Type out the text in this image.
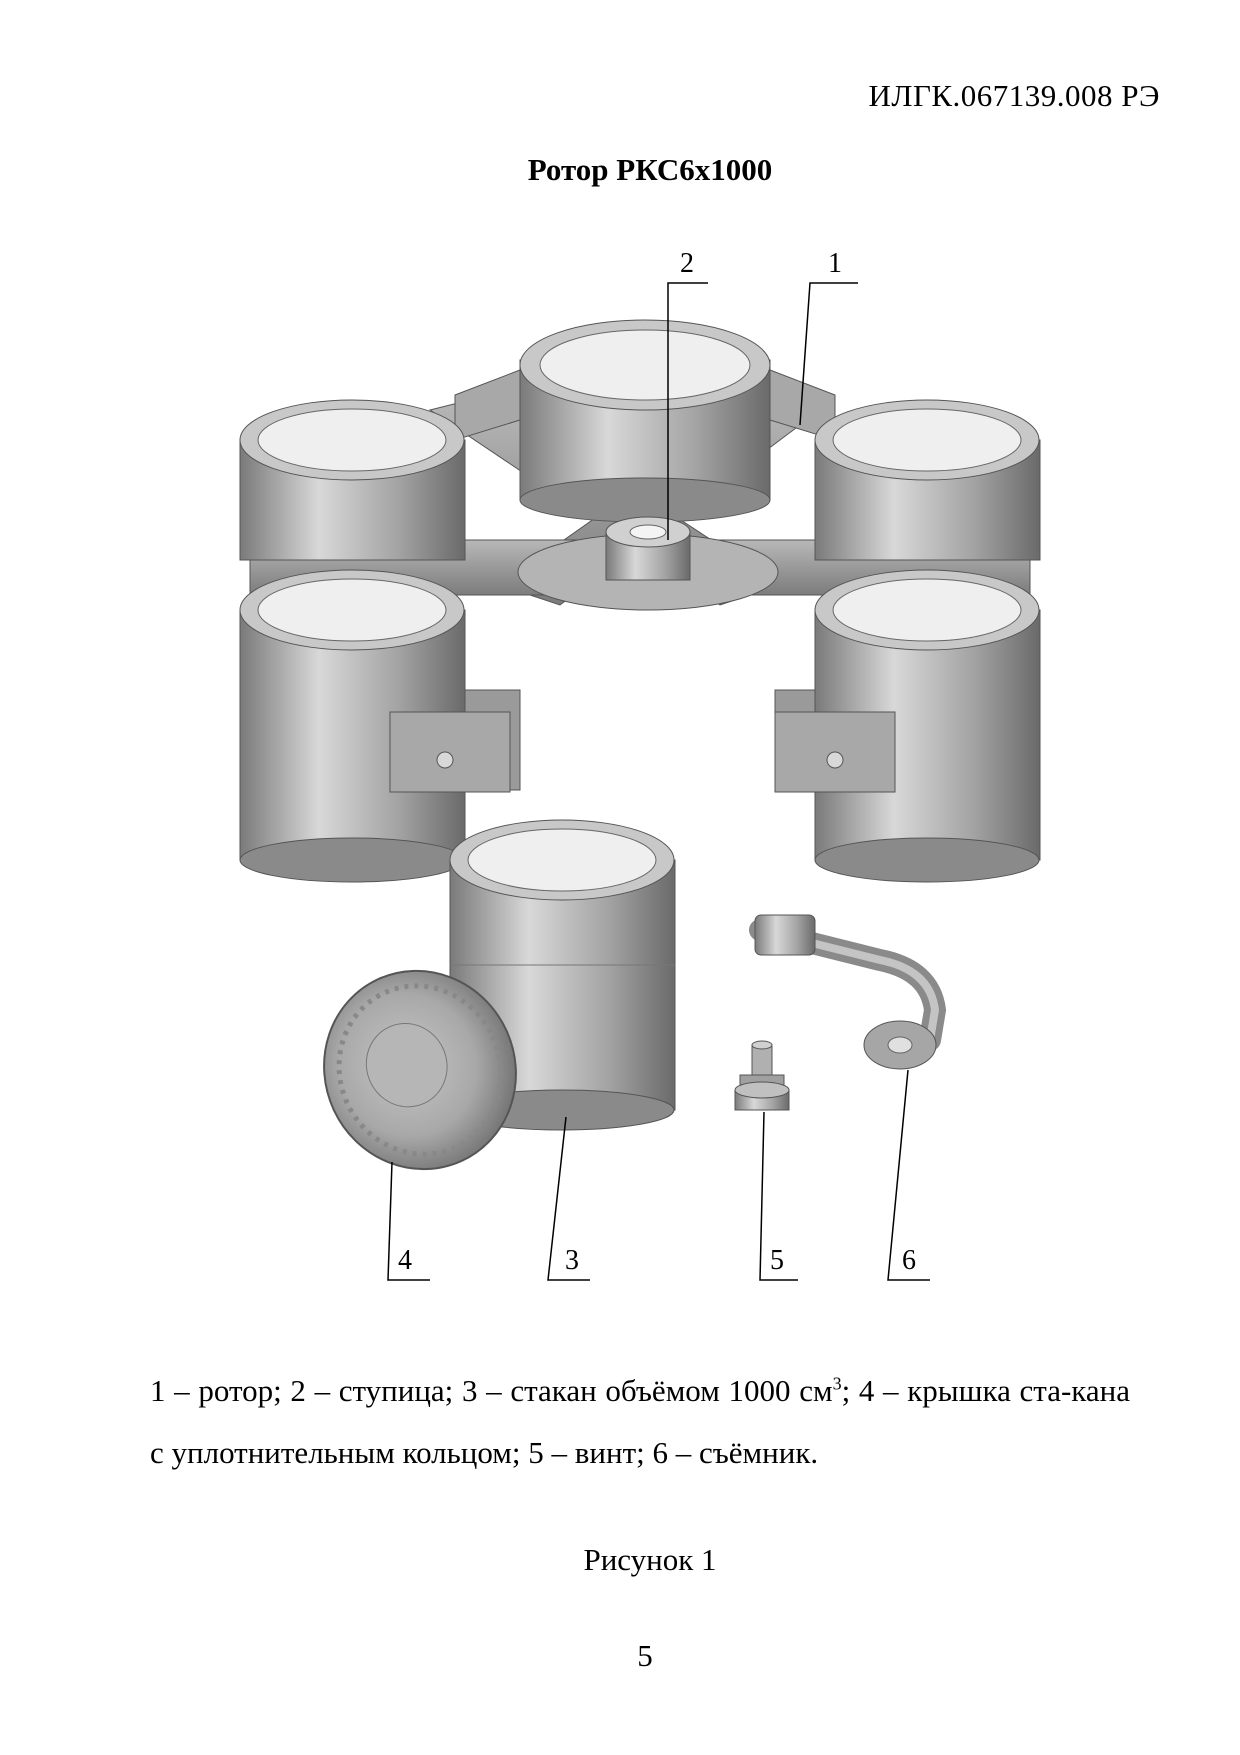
ИЛГК.067139.008 РЭ
Ротор РКС6х1000
2	1
4	3	5	6
1 – ротор; 2 – ступица; 3 – стакан объёмом 1000 $см^3$; 4 – крышка ста-кана с уплотнительным кольцом; 5 – винт; 6 – съёмник.
Рисунок 1
5
